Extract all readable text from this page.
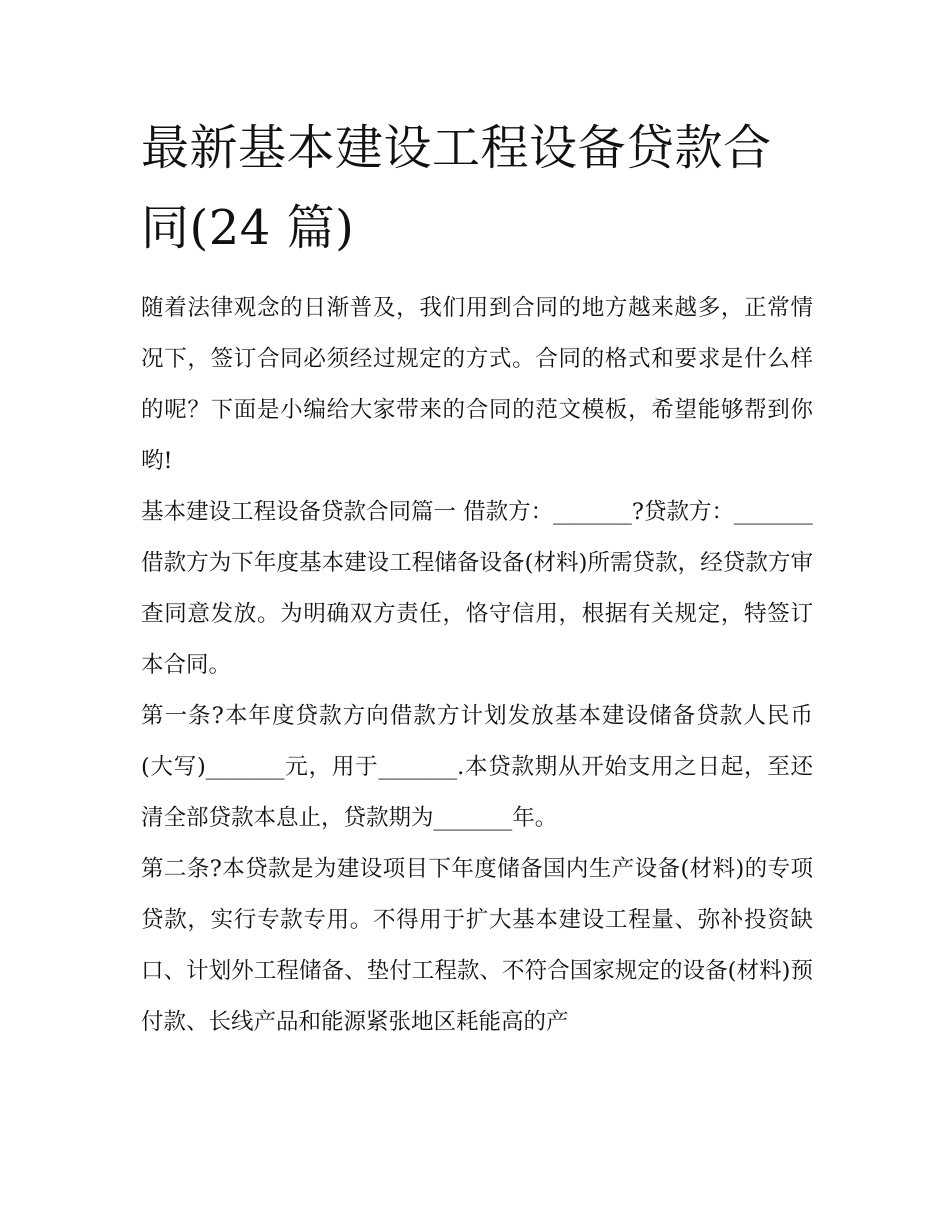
最新基本建设工程设备贷款合同(24 篇)

随着法律观念的日渐普及，我们用到合同的地方越来越多，正常情况下，签订合同必须经过规定的方式。合同的格式和要求是什么样的呢？下面是小编给大家带来的合同的范文模板，希望能够帮到你哟!

基本建设工程设备贷款合同篇一 借款方：_______?贷款方：_______

借款方为下年度基本建设工程储备设备(材料)所需贷款，经贷款方审查同意发放。为明确双方责任，恪守信用，根据有关规定，特签订本合同。

第一条?本年度贷款方向借款方计划发放基本建设储备贷款人民币(大写)_______元，用于_______.本贷款期从开始支用之日起，至还清全部贷款本息止，贷款期为_______年。

第二条?本贷款是为建设项目下年度储备国内生产设备(材料)的专项贷款，实行专款专用。不得用于扩大基本建设工程量、弥补投资缺口、计划外工程储备、垫付工程款、不符合国家规定的设备(材料)预付款、长线产品和能源紧张地区耗能高的产
